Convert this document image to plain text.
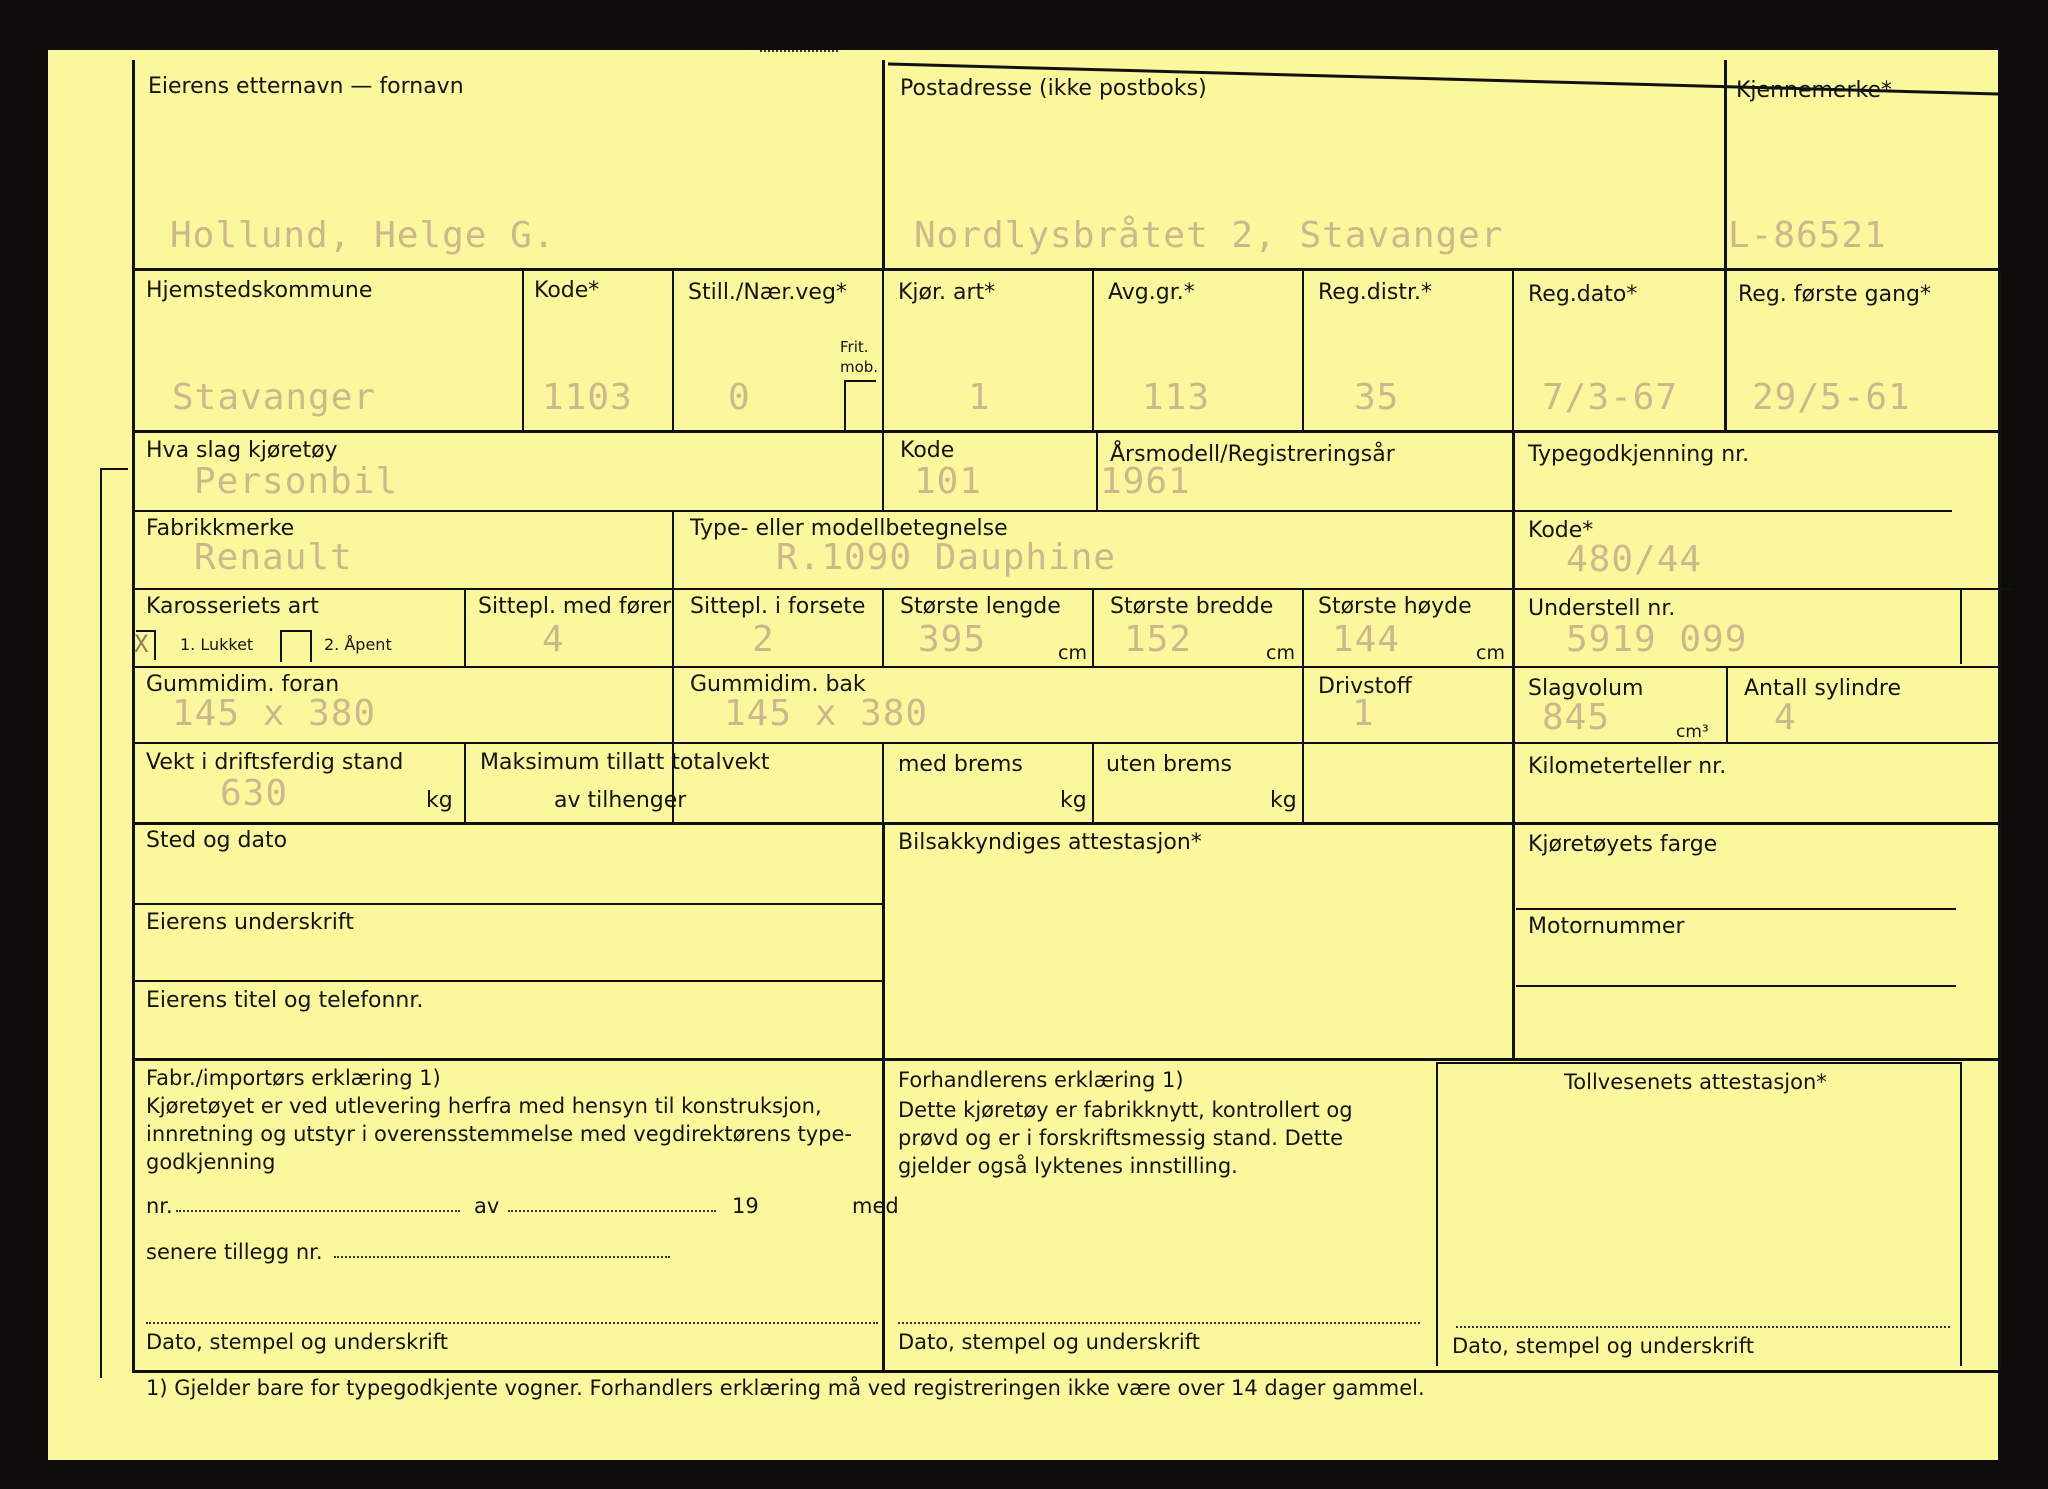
Eierens etternavn — fornavn
Hollund, Helge G.
Postadresse (ikke postboks)
Nordlysbråtet 2, Stavanger
Kjennemerke*
L-86521
Hjemstedskommune
Stavanger
Kode*
1103
Still./Nær.veg*
0
Frit.
mob.
Kjør. art*
1
Avg.gr.*
113
Reg.distr.*
35
Reg.dato*
7/3-67
Reg. første gang*
29/5-61
Hva slag kjøretøy
Personbil
Kode
101
Årsmodell/Registreringsår
1961
Typegodkjenning nr.
Fabrikkmerke
Renault
Type- eller modellbetegnelse
R.1090 Dauphine
Kode*
480/44
Karosseriets art
X 1. Lukket	2. Åpent
Sittepl. med fører
4
Sittepl. i forsete
2
Største lengde
395	cm
Største bredde
152	cm
Største høyde
144	cm
Understell nr.
5919 099
Gummidim. foran
145 x 380
Gummidim. bak
145 x 380
Drivstoff
1
Slagvolum
845	cm³
Antall sylindre
4
Vekt i driftsferdig stand
630	kg
Maksimum tillatt totalvekt
av tilhenger
med brems
kg
uten brems
kg
Kilometerteller nr.
Sted og dato
Eierens underskrift
Eierens titel og telefonnr.
Bilsakkyndiges attestasjon*	Kjøretøyets farge
Motornummer
Fabr./importørs erklæring 1)
Kjøretøyet er ved utlevering herfra med hensyn til konstruksjon,
innretning og utstyr i overensstemmelse med vegdirektørens type-
godkjenning
nr.	av	19	med
senere tillegg nr.
Dato, stempel og underskrift
Forhandlerens erklæring 1)
Dette kjøretøy er fabrikknytt, kontrollert og
prøvd og er i forskriftsmessig stand. Dette
gjelder også lyktenes innstilling.
Dato, stempel og underskrift
Tollvesenets attestasjon*
Dato, stempel og underskrift
1) Gjelder bare for typegodkjente vogner. Forhandlers erklæring må ved registreringen ikke være over 14 dager gammel.
